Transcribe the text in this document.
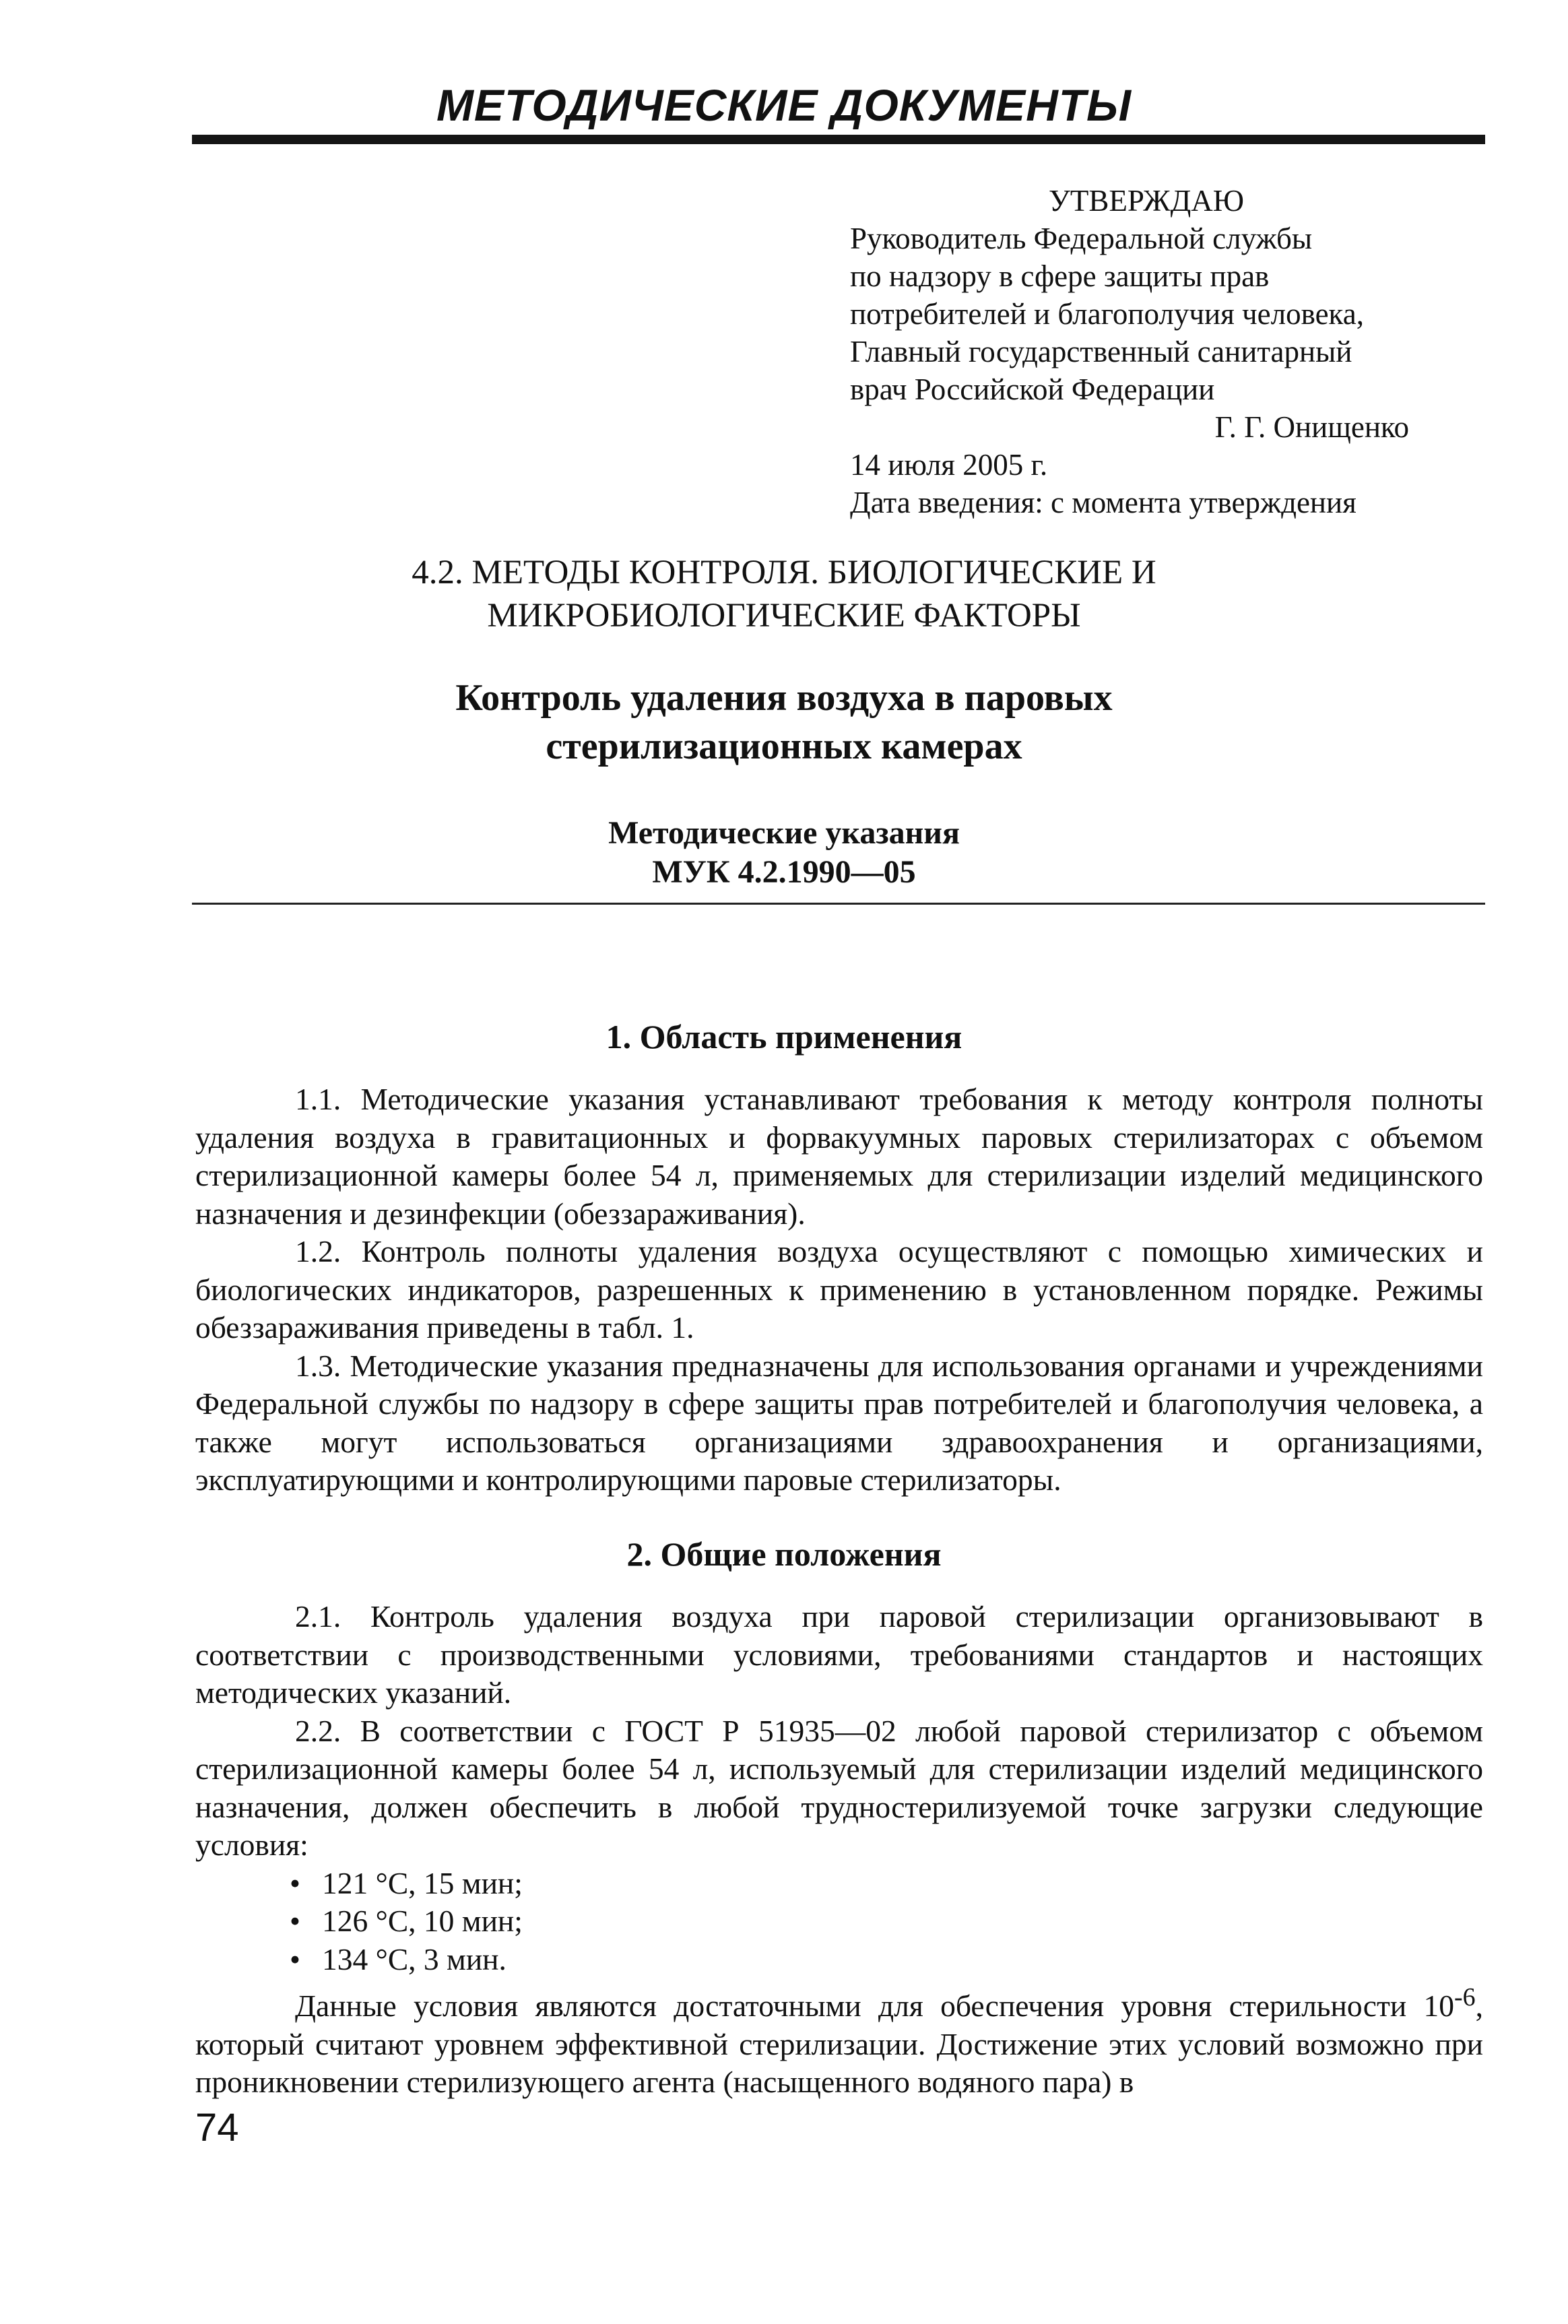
МЕТОДИЧЕСКИЕ ДОКУМЕНТЫ
УТВЕРЖДАЮ
Руководитель Федеральной службы
по надзору в сфере защиты прав
потребителей и благополучия человека,
Главный государственный санитарный
врач Российской Федерации
Г. Г. Онищенко
14 июля 2005 г.
Дата введения: с момента утверждения
4.2. МЕТОДЫ КОНТРОЛЯ. БИОЛОГИЧЕСКИЕ И
МИКРОБИОЛОГИЧЕСКИЕ ФАКТОРЫ
Контроль удаления воздуха в паровых
стерилизационных камерах
Методические указания
МУК 4.2.1990—05
1. Область применения

1.1. Методические указания устанавливают требования к методу контроля полноты удаления воздуха в гравитационных и форвакуумных паровых стерилизаторах с объемом стерилизационной камеры более 54 л, применяемых для стерилизации изделий медицинского назначения и дезинфекции (обеззараживания).

1.2. Контроль полноты удаления воздуха осуществляют с помощью химических и биологических индикаторов, разрешенных к применению в установленном порядке. Режимы обеззараживания приведены в табл. 1.

1.3. Методические указания предназначены для использования органами и учреждениями Федеральной службы по надзору в сфере защиты прав потребителей и благополучия человека, а также могут использоваться организациями здравоохранения и организациями, эксплуатирующими и контролирующими паровые стерилизаторы.

2. Общие положения

2.1. Контроль удаления воздуха при паровой стерилизации организовывают в соответствии с производственными условиями, требованиями стандартов и настоящих методических указаний.

2.2. В соответствии с ГОСТ Р 51935—02 любой паровой стерилизатор с объемом стерилизационной камеры более 54 л, используемый для стерилизации изделий медицинского назначения, должен обеспечить в любой трудностерилизуемой точке загрузки следующие условия:

• 121 °С, 15 мин;
• 126 °С, 10 мин;
• 134 °С, 3 мин.

Данные условия являются достаточными для обеспечения уровня стерильности $10^{-6}$, который считают уровнем эффективной стерилизации. Достижение этих условий возможно при проникновении стерилизующего агента (насыщенного водяного пара) в

74
